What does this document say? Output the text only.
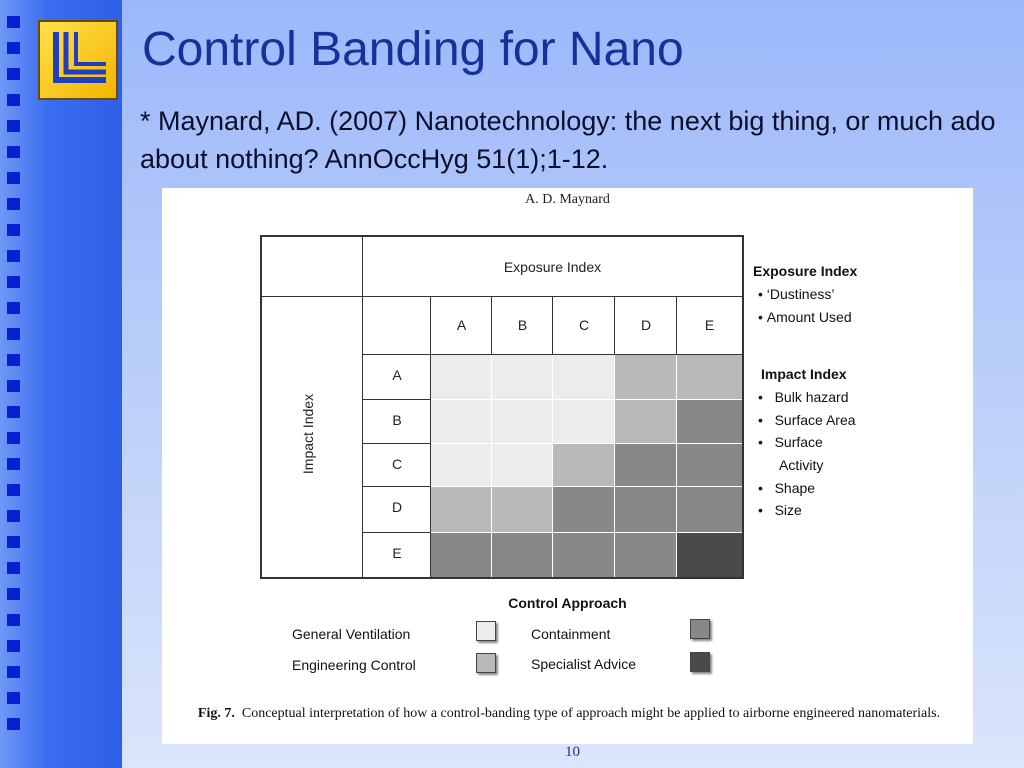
Control Banding for Nano
* Maynard, AD. (2007) Nanotechnology: the next big thing, or much ado about nothing? AnnOccHyg 51(1);1-12.
A. D. Maynard
Exposure Index
A	B	C	D	E
A
B
C
D
E
Impact Index
Exposure Index
• ‘Dustiness’
• Amount Used
Impact Index
•   Bulk hazard
•   Surface Area
•   Surface
Activity
•   Shape
•   Size
Control Approach
General Ventilation	Containment
Engineering Control	Specialist Advice
Fig. 7. Conceptual interpretation of how a control-banding type of approach might be applied to airborne engineered nanomaterials.
10
